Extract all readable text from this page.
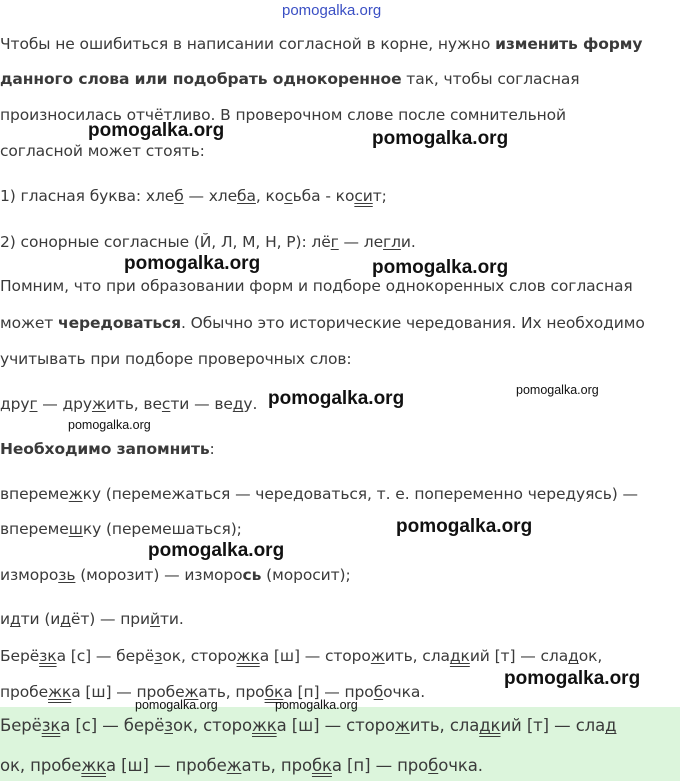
pomogalka.org
Чтобы не ошибиться в написании согласной в корне, нужно изменить форму
данного слова или подобрать однокоренное так, чтобы согласная
произносилась отчётливо. В проверочном слове после сомнительной
согласной может стоять:
1) гласная буква: хлеб — хлеба, косьба - косит;
2) сонорные согласные (Й, Л, М, Н, Р): лёг — легли.
Помним, что при образовании форм и подборе однокоренных слов согласная
может чередоваться. Обычно это исторические чередования. Их необходимо
учитывать при подборе проверочных слов:
друг — дружить, вести — веду.
Необходимо запомнить:
вперемежку (перемежаться — чередоваться, т. е. попеременно чередуясь) —
вперемeшку (перемешаться);
изморозь (морозит) — изморось (моросит);
идти (идёт) — прийти.
Берёзка [с] — берёзок, сторожка [ш] — сторожить, сладкий [т] — сладок,
пробежка [ш] — пробежать, пробка [п] — пробочка.
Берёзка [с] — берёзок, сторожка [ш] — сторожить, сладкий [т] — слад
ок, пробежка [ш] — пробежать, пробка [п] — пробочка.
pomogalka.org	pomogalka.org
pomogalka.org	pomogalka.org
pomogalka.org	pomogalka.org
pomogalka.org
pomogalka.org
pomogalka.org
pomogalka.org
pomogalka.org	pomogalka.org
